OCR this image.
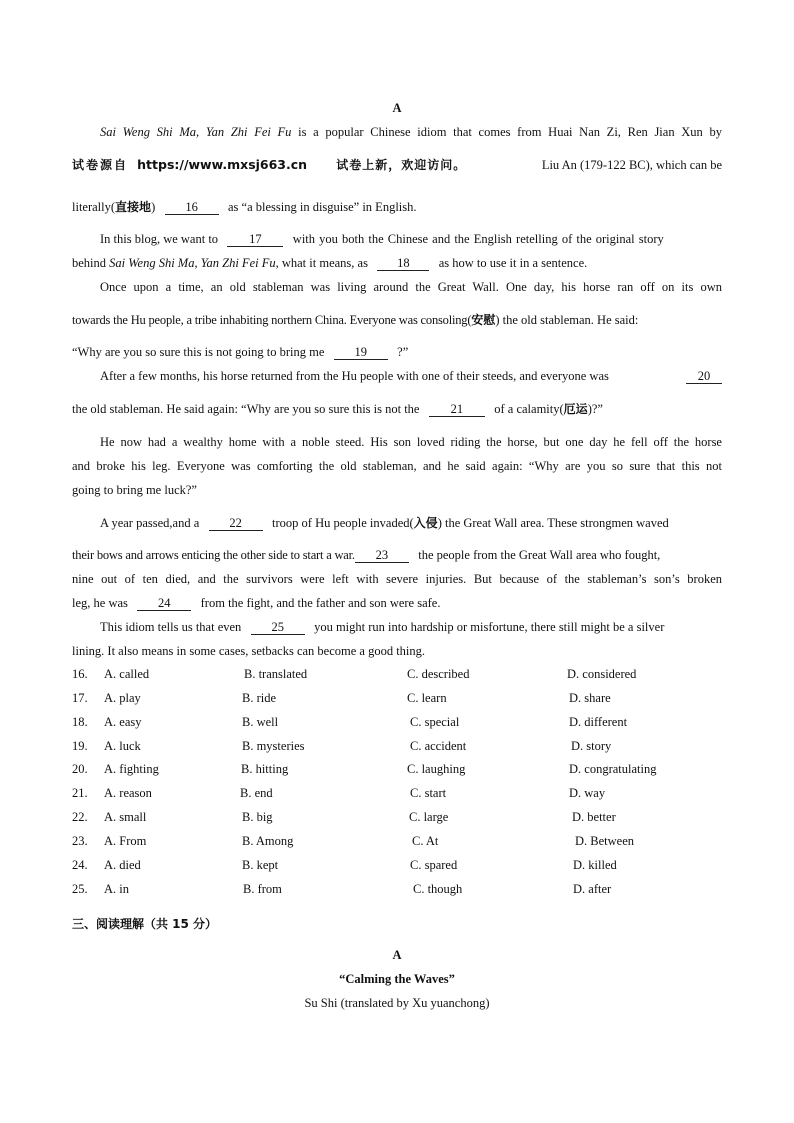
A
Sai Weng Shi Ma, Yan Zhi Fei Fu is a popular Chinese idiom that comes from Huai Nan Zi, Ren Jian Xun by
试卷源自 https://www.mxsj663.cn 试卷上新，欢迎访问。	Liu An (179-122 BC), which can be
literally(直接地) 16 as “a blessing in disguise” in English.
In this blog, we want to 17 with you both the Chinese and the English retelling of the original story
behind Sai Weng Shi Ma, Yan Zhi Fei Fu, what it means, as 18 as how to use it in a sentence.
Once upon a time, an old stableman was living around the Great Wall. One day, his horse ran off on its own
towards the Hu people, a tribe inhabiting northern China. Everyone was consoling(安慰) the old stableman. He said:
“Why are you so sure this is not going to bring me 19 ?”
After a few months, his horse returned from the Hu people with one of their steeds, and everyone was	20
the old stableman. He said again: “Why are you so sure this is not the 21 of a calamity(厄运)?”
He now had a wealthy home with a noble steed. His son loved riding the horse, but one day he fell off the horse
and broke his leg. Everyone was comforting the old stableman, and he said again: “Why are you so sure that this not
going to bring me luck?”
A year passed,and a 22 troop of Hu people invaded(入侵) the Great Wall area. These strongmen waved
their bows and arrows enticing the other side to start a war. 23 the people from the Great Wall area who fought,
nine out of ten died, and the survivors were left with severe injuries. But because of the stableman’s son’s broken
leg, he was 24 from the fight, and the father and son were safe.
This idiom tells us that even 25 you might run into hardship or misfortune, there still might be a silver
lining. It also means in some cases, setbacks can become a good thing.
16. A. called	B. translated	C. described	D. considered
17. A. play	B. ride	C. learn	D. share
18. A. easy	B. well	C. special	D. different
19. A. luck	B. mysteries	C. accident	D. story
20. A. fighting	B. hitting	C. laughing	D. congratulating
21. A. reason	B. end	C. start	D. way
22. A. small	B. big	C. large	D. better
23. A. From	B. Among	C. At	D. Between
24. A. died	B. kept	C. spared	D. killed
25. A. in	B. from	C. though	D. after
三、阅读理解（共 15 分）
A
“Calming the Waves”
Su Shi (translated by Xu yuanchong)
